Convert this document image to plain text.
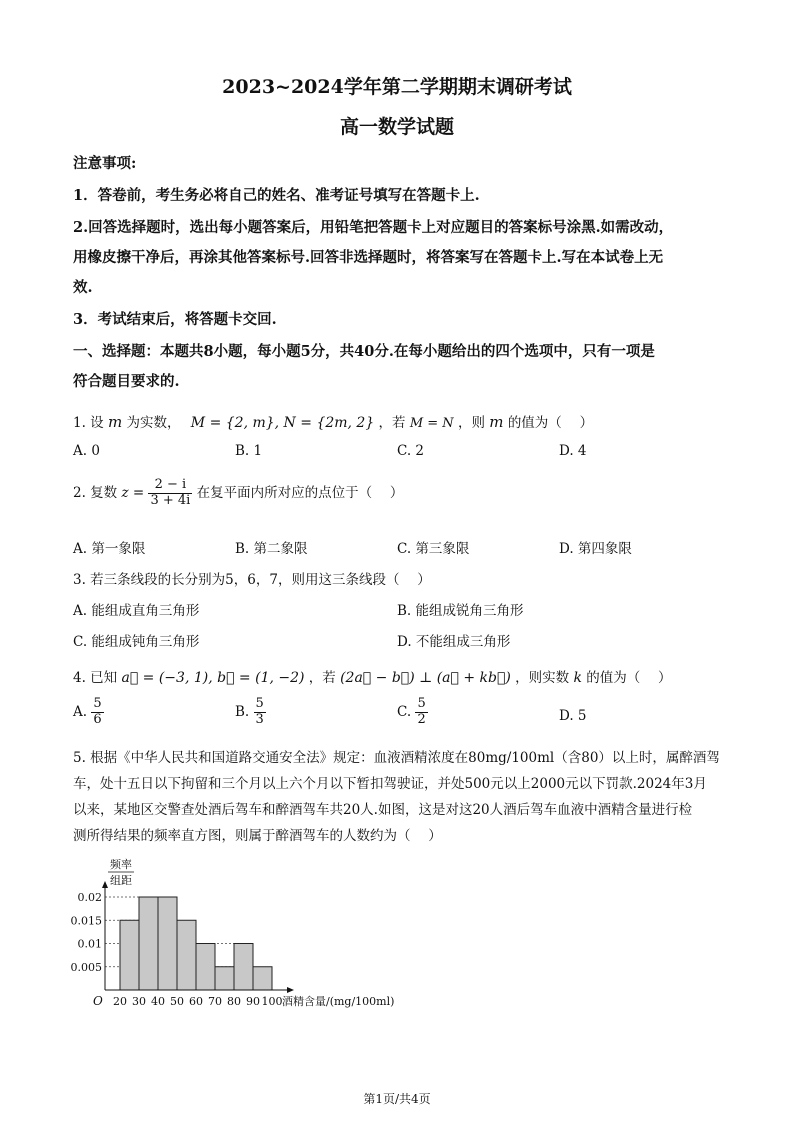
2023~2024学年第二学期期末调研考试
高一数学试题
注意事项:
1．答卷前，考生务必将自己的姓名、准考证号填写在答题卡上.
2.回答选择题时，选出每小题答案后，用铅笔把答题卡上对应题目的答案标号涂黑.如需改动，
用橡皮擦干净后，再涂其他答案标号.回答非选择题时，将答案写在答题卡上.写在本试卷上无
效.
3．考试结束后，将答题卡交回.
一、选择题：本题共8小题，每小题5分，共40分.在每小题给出的四个选项中，只有一项是
符合题目要求的.
1. 设 m 为实数， M = {2, m}, N = {2m, 2} ，若 M = N ，则 m 的值为（　 ）
A. 0	B. 1	C. 2	D. 4
2. 复数 $z = \frac{2 - i}{3 + 4i}$ 在复平面内所对应的点位于（　 ）
A. 第一象限	B. 第二象限	C. 第三象限	D. 第四象限
3. 若三条线段的长分别为5，6，7，则用这三条线段（　 ）
A. 能组成直角三角形	B. 能组成锐角三角形
C. 能组成钝角三角形	D. 不能组成三角形
4. 已知 a⃗ = (−3, 1), b⃗ = (1, −2) ，若 (2a⃗ − b⃗) ⊥ (a⃗ + kb⃗) ，则实数 k 的值为（　 ）
A. $\frac{5}{6}$	B. $\frac{5}{3}$	C. $\frac{5}{2}$	D. 5
5. 根据《中华人民共和国道路交通安全法》规定：血液酒精浓度在80mg/100ml（含80）以上时，属醉酒驾
车，处十五日以下拘留和三个月以上六个月以下暂扣驾驶证，并处500元以上2000元以下罚款.2024年3月
以来，某地区交警查处酒后驾车和醉酒驾车共20人.如图，这是对这20人酒后驾车血液中酒精含量进行检
测所得结果的频率直方图，则属于醉酒驾车的人数约为（　 ）
0.005
0.01
0.015
0.02
20 30 40 50 60 70 80 90 100
O	酒精含量/(mg/100ml)
频率
组距
第1页/共4页
